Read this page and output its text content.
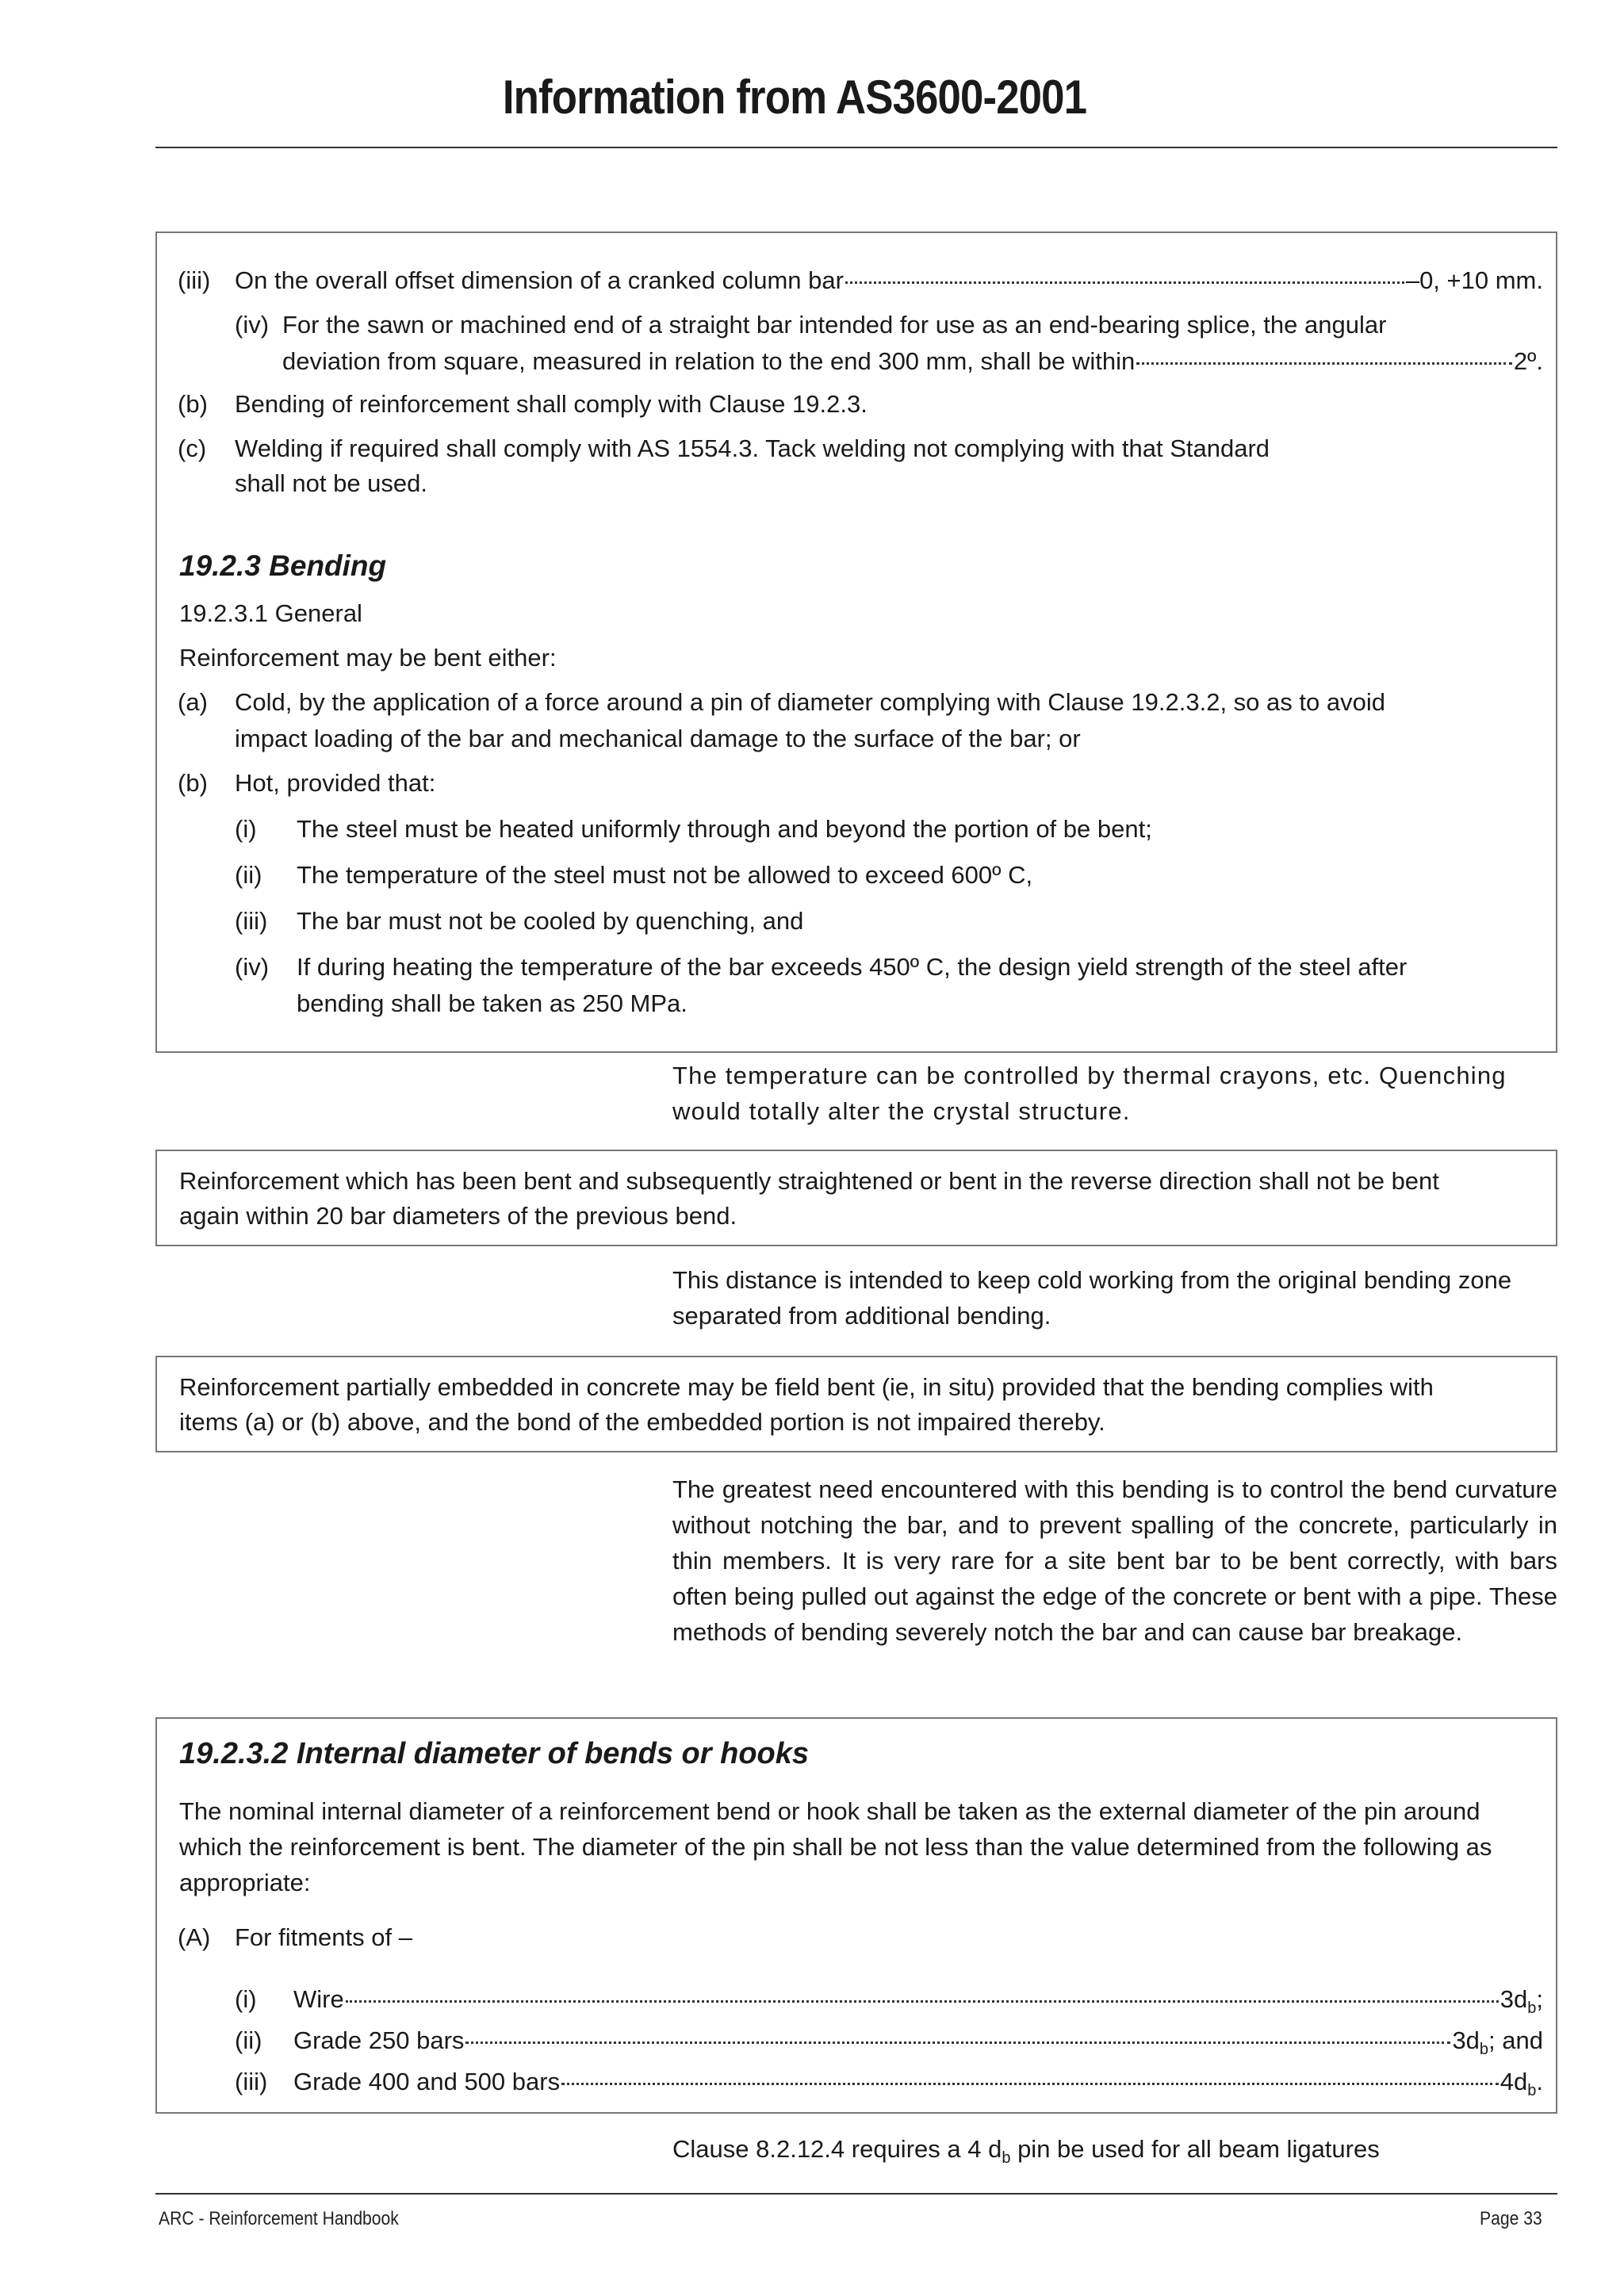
Information from AS3600-2001
(iii) On the overall offset dimension of a cranked column bar	–0, +10 mm.
(iv) For the sawn or machined end of a straight bar intended for use as an end-bearing splice, the angular
deviation from square, measured in relation to the end 300 mm, shall be within	2º.
(b) Bending of reinforcement shall comply with Clause 19.2.3.
(c) Welding if required shall comply with AS 1554.3. Tack welding not complying with that Standard
shall not be used.
19.2.3 Bending
19.2.3.1 General
Reinforcement may be bent either:
(a) Cold, by the application of a force around a pin of diameter complying with Clause 19.2.3.2, so as to avoid
impact loading of the bar and mechanical damage to the surface of the bar; or
(b) Hot, provided that:
(i) The steel must be heated uniformly through and beyond the portion of be bent;
(ii) The temperature of the steel must not be allowed to exceed 600º C,
(iii) The bar must not be cooled by quenching, and
(iv) If during heating the temperature of the bar exceeds 450º C, the design yield strength of the steel after
bending shall be taken as 250 MPa.
The temperature can be controlled by thermal crayons, etc. Quenching
would totally alter the crystal structure.
Reinforcement which has been bent and subsequently straightened or bent in the reverse direction shall not be bent
again within 20 bar diameters of the previous bend.
This distance is intended to keep cold working from the original bending zone
separated from additional bending.
Reinforcement partially embedded in concrete may be field bent (ie, in situ) provided that the bending complies with
items (a) or (b) above, and the bond of the embedded portion is not impaired thereby.
The greatest need encountered with this bending is to control the bend curvature without notching the bar, and to prevent spalling of the concrete, particularly in thin members. It is very rare for a site bent bar to be bent correctly, with bars often being pulled out against the edge of the concrete or bent with a pipe. These methods of bending severely notch the bar and can cause bar breakage.
19.2.3.2 Internal diameter of bends or hooks
The nominal internal diameter of a reinforcement bend or hook shall be taken as the external diameter of the pin around which the reinforcement is bent. The diameter of the pin shall be not less than the value determined from the following as appropriate:
(A) For fitments of –
(i) Wire	$3d_b$;
(ii) Grade 250 bars	$3d_b$; and
(iii) Grade 400 and 500 bars	$4d_b$.
Clause 8.2.12.4 requires a 4 $d_b$ pin be used for all beam ligatures
ARC - Reinforcement Handbook	Page 33
